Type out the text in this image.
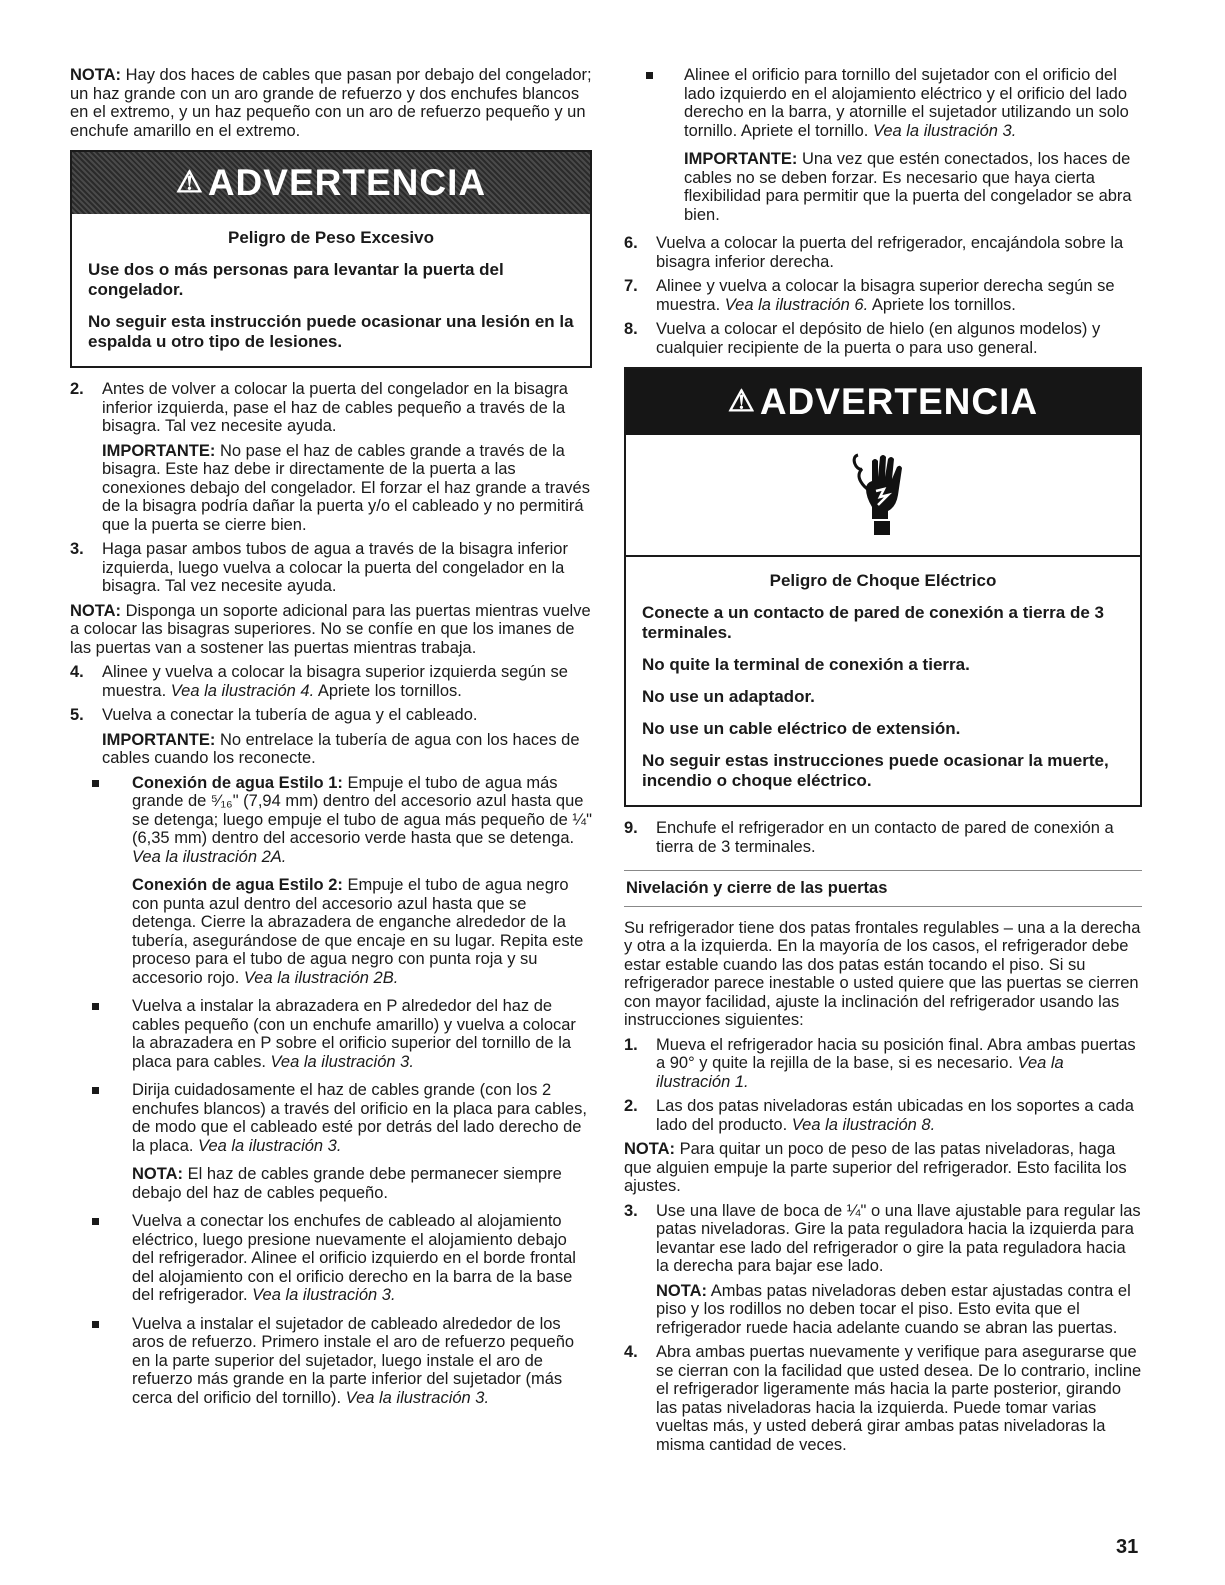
NOTA: Hay dos haces de cables que pasan por debajo del congelador; un haz grande con un aro grande de refuerzo y dos enchufes blancos en el extremo, y un haz pequeño con un aro de refuerzo pequeño y un enchufe amarillo en el extremo.

⚠ ADVERTENCIA
Peligro de Peso Excesivo
Use dos o más personas para levantar la puerta del congelador.
No seguir esta instrucción puede ocasionar una lesión en la espalda u otro tipo de lesiones.
2. Antes de volver a colocar la puerta del congelador en la bisagra inferior izquierda, pase el haz de cables pequeño a través de la bisagra. Tal vez necesite ayuda.

IMPORTANTE: No pase el haz de cables grande a través de la bisagra. Este haz debe ir directamente de la puerta a las conexiones debajo del congelador. El forzar el haz grande a través de la bisagra podría dañar la puerta y/o el cableado y no permitirá que la puerta se cierre bien.

3. Haga pasar ambos tubos de agua a través de la bisagra inferior izquierda, luego vuelva a colocar la puerta del congelador en la bisagra. Tal vez necesite ayuda.

NOTA: Disponga un soporte adicional para las puertas mientras vuelve a colocar las bisagras superiores. No se confíe en que los imanes de las puertas van a sostener las puertas mientras trabaja.

4. Alinee y vuelva a colocar la bisagra superior izquierda según se muestra. Vea la ilustración 4. Apriete los tornillos.
5. Vuelva a conectar la tubería de agua y el cableado.

IMPORTANTE: No entrelace la tubería de agua con los haces de cables cuando los reconecte.

Conexión de agua Estilo 1: Empuje el tubo de agua más grande de ⁵⁄₁₆" (7,94 mm) dentro del accesorio azul hasta que se detenga; luego empuje el tubo de agua más pequeño de ¼" (6,35 mm) dentro del accesorio verde hasta que se detenga. Vea la ilustración 2A.
Conexión de agua Estilo 2: Empuje el tubo de agua negro con punta azul dentro del accesorio azul hasta que se detenga. Cierre la abrazadera de enganche alrededor de la tubería, asegurándose de que encaje en su lugar. Repita este proceso para el tubo de agua negro con punta roja y su accesorio rojo. Vea la ilustración 2B.
Vuelva a instalar la abrazadera en P alrededor del haz de cables pequeño (con un enchufe amarillo) y vuelva a colocar la abrazadera en P sobre el orificio superior del tornillo de la placa para cables. Vea la ilustración 3.
Dirija cuidadosamente el haz de cables grande (con los 2 enchufes blancos) a través del orificio en la placa para cables, de modo que el cableado esté por detrás del lado derecho de la placa. Vea la ilustración 3.
NOTA: El haz de cables grande debe permanecer siempre debajo del haz de cables pequeño.
Vuelva a conectar los enchufes de cableado al alojamiento eléctrico, luego presione nuevamente el alojamiento debajo del refrigerador. Alinee el orificio izquierdo en el borde frontal del alojamiento con el orificio derecho en la barra de la base del refrigerador. Vea la ilustración 3.
Vuelva a instalar el sujetador de cableado alrededor de los aros de refuerzo. Primero instale el aro de refuerzo pequeño en la parte superior del sujetador, luego instale el aro de refuerzo más grande en la parte inferior del sujetador (más cerca del orificio del tornillo). Vea la ilustración 3.
Alinee el orificio para tornillo del sujetador con el orificio del lado izquierdo en el alojamiento eléctrico y el orificio del lado derecho en la barra, y atornille el sujetador utilizando un solo tornillo. Apriete el tornillo. Vea la ilustración 3.
IMPORTANTE: Una vez que estén conectados, los haces de cables no se deben forzar. Es necesario que haya cierta flexibilidad para permitir que la puerta del congelador se abra bien.
6. Vuelva a colocar la puerta del refrigerador, encajándola sobre la bisagra inferior derecha.
7. Alinee y vuelva a colocar la bisagra superior derecha según se muestra. Vea la ilustración 6. Apriete los tornillos.
8. Vuelva a colocar el depósito de hielo (en algunos modelos) y cualquier recipiente de la puerta o para uso general.
⚠ ADVERTENCIA
Peligro de Choque Eléctrico
Conecte a un contacto de pared de conexión a tierra de 3 terminales.
No quite la terminal de conexión a tierra.
No use un adaptador.
No use un cable eléctrico de extensión.
No seguir estas instrucciones puede ocasionar la muerte, incendio o choque eléctrico.
9. Enchufe el refrigerador en un contacto de pared de conexión a tierra de 3 terminales.
Nivelación y cierre de las puertas

Su refrigerador tiene dos patas frontales regulables – una a la derecha y otra a la izquierda. En la mayoría de los casos, el refrigerador debe estar estable cuando las dos patas están tocando el piso. Si su refrigerador parece inestable o usted quiere que las puertas se cierren con mayor facilidad, ajuste la inclinación del refrigerador usando las instrucciones siguientes:

1. Mueva el refrigerador hacia su posición final. Abra ambas puertas a 90° y quite la rejilla de la base, si es necesario. Vea la ilustración 1.
2. Las dos patas niveladoras están ubicadas en los soportes a cada lado del producto. Vea la ilustración 8.

NOTA: Para quitar un poco de peso de las patas niveladoras, haga que alguien empuje la parte superior del refrigerador. Esto facilita los ajustes.

3. Use una llave de boca de ¼" o una llave ajustable para regular las patas niveladoras. Gire la pata reguladora hacia la izquierda para levantar ese lado del refrigerador o gire la pata reguladora hacia la derecha para bajar ese lado.

NOTA: Ambas patas niveladoras deben estar ajustadas contra el piso y los rodillos no deben tocar el piso. Esto evita que el refrigerador ruede hacia adelante cuando se abran las puertas.

4. Abra ambas puertas nuevamente y verifique para asegurarse que se cierran con la facilidad que usted desea. De lo contrario, incline el refrigerador ligeramente más hacia la parte posterior, girando las patas niveladoras hacia la izquierda. Puede tomar varias vueltas más, y usted deberá girar ambas patas niveladoras la misma cantidad de veces.
31
